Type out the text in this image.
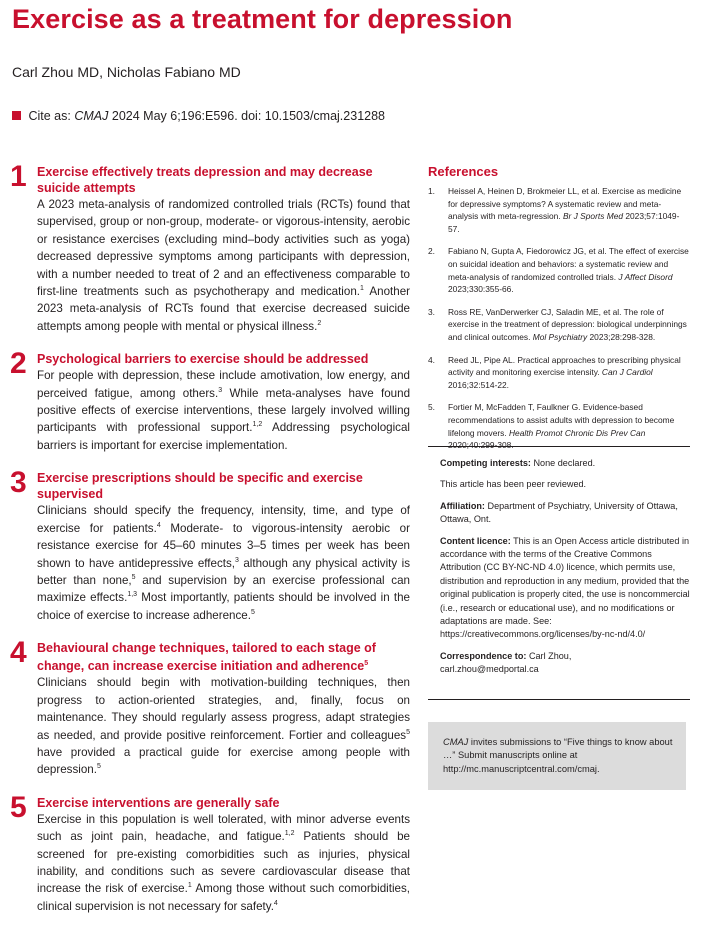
Exercise as a treatment for depression
Carl Zhou MD, Nicholas Fabiano MD
Cite as: CMAJ 2024 May 6;196:E596. doi: 10.1503/cmaj.231288
1 Exercise effectively treats depression and may decrease suicide attempts
A 2023 meta-analysis of randomized controlled trials (RCTs) found that supervised, group or non-group, moderate- or vigorous-intensity, aerobic or resistance exercises (excluding mind–body activities such as yoga) decreased depressive symptoms among participants with depression, with a number needed to treat of 2 and an effectiveness comparable to first-line treatments such as psychotherapy and medication.$^1$ Another 2023 meta-analysis of RCTs found that exercise decreased suicide attempts among people with mental or physical illness.$^2$
2 Psychological barriers to exercise should be addressed
For people with depression, these include amotivation, low energy, and perceived fatigue, among others.$^3$ While meta-analyses have found positive effects of exercise interventions, these largely involved willing participants with professional support.$^{1,2}$ Addressing psychological barriers is important for exercise implementation.
3 Exercise prescriptions should be specific and exercise supervised
Clinicians should specify the frequency, intensity, time, and type of exercise for patients.$^4$ Moderate- to vigorous-intensity aerobic or resistance exercise for 45–60 minutes 3–5 times per week has been shown to have antidepressive effects,$^3$ although any physical activity is better than none,$^5$ and supervision by an exercise professional can maximize effects.$^{1,3}$ Most importantly, patients should be involved in the choice of exercise to increase adherence.$^5$
4 Behavioural change techniques, tailored to each stage of change, can increase exercise initiation and adherence$^5$
Clinicians should begin with motivation-building techniques, then progress to action-oriented strategies, and, finally, focus on maintenance. They should regularly assess progress, adapt strategies as needed, and provide positive reinforcement. Fortier and colleagues$^5$ have provided a practical guide for exercise among people with depression.$^5$
5 Exercise interventions are generally safe
Exercise in this population is well tolerated, with minor adverse events such as joint pain, headache, and fatigue.$^{1,2}$ Patients should be screened for pre-existing comorbidities such as injuries, physical inability, and conditions such as severe cardiovascular disease that increase the risk of exercise.$^1$ Among those without such comorbidities, clinical supervision is not necessary for safety.$^4$
References
1. Heissel A, Heinen D, Brokmeier LL, et al. Exercise as medicine for depressive symptoms? A systematic review and meta-analysis with meta-regression. Br J Sports Med 2023;57:1049-57.
2. Fabiano N, Gupta A, Fiedorowicz JG, et al. The effect of exercise on suicidal ideation and behaviors: a systematic review and meta-analysis of randomized controlled trials. J Affect Disord 2023;330:355-66.
3. Ross RE, VanDerwerker CJ, Saladin ME, et al. The role of exercise in the treatment of depression: biological underpinnings and clinical outcomes. Mol Psychiatry 2023;28:298-328.
4. Reed JL, Pipe AL. Practical approaches to prescribing physical activity and monitoring exercise intensity. Can J Cardiol 2016;32:514-22.
5. Fortier M, McFadden T, Faulkner G. Evidence-based recommendations to assist adults with depression to become lifelong movers. Health Promot Chronic Dis Prev Can 2020;40:299-308.

Competing interests: None declared.

This article has been peer reviewed.

Affiliation: Department of Psychiatry, University of Ottawa, Ottawa, Ont.

Content licence: This is an Open Access article distributed in accordance with the terms of the Creative Commons Attribution (CC BY-NC-ND 4.0) licence, which permits use, distribution and reproduction in any medium, provided that the original publication is properly cited, the use is noncommercial (i.e., research or educational use), and no modifications or adaptations are made. See: https://creativecommons.org/licenses/by-nc-nd/4.0/

Correspondence to: Carl Zhou,
carl.zhou@medportal.ca

CMAJ invites submissions to “Five things to know about …” Submit manuscripts online at http://mc.manuscriptcentral.com/cmaj.
